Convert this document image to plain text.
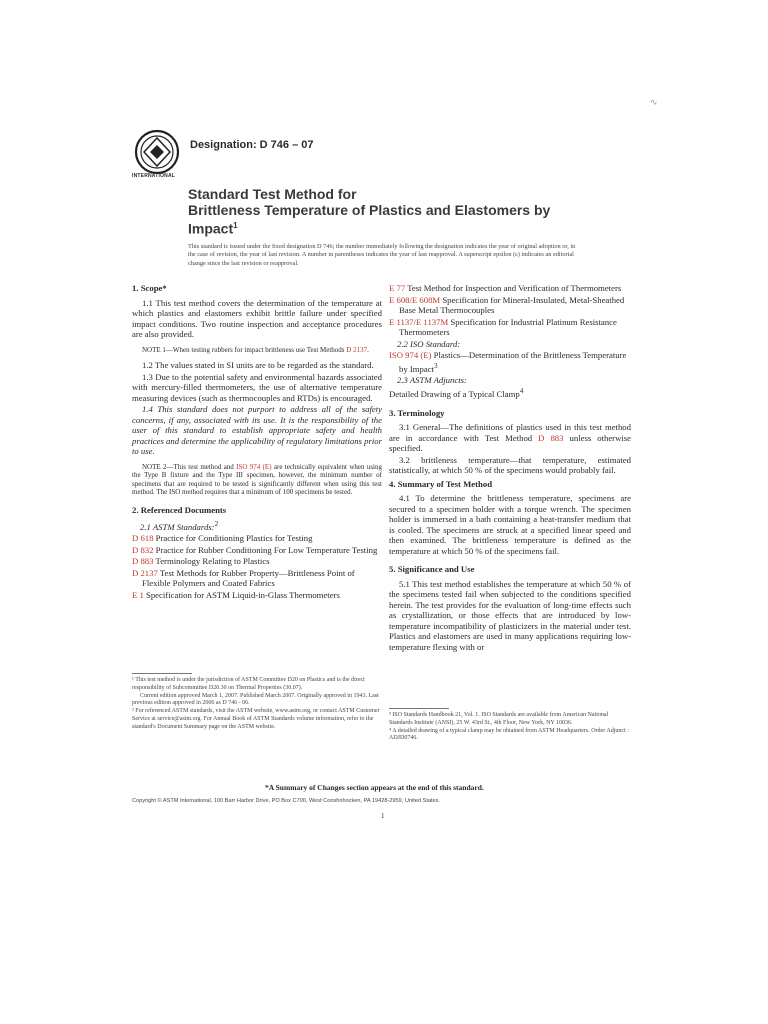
∿
Designation: D 746 – 07
INTERNATIONAL
Standard Test Method for
Brittleness Temperature of Plastics and Elastomers by
Impact$^1$
This standard is issued under the fixed designation D 746; the number immediately following the designation indicates the year of original adoption or, in the case of revision, the year of last revision. A number in parentheses indicates the year of last reapproval. A superscript epsilon (ε) indicates an editorial change since the last revision or reapproval.
1. Scope*
1.1 This test method covers the determination of the temperature at which plastics and elastomers exhibit brittle failure under specified impact conditions. Two routine inspection and acceptance procedures are also provided.
NOTE 1—When testing rubbers for impact brittleness use Test Methods D 2137.
1.2 The values stated in SI units are to be regarded as the standard.
1.3 Due to the potential safety and environmental hazards associated with mercury-filled thermometers, the use of alternative temperature measuring devices (such as thermocouples and RTDs) is encouraged.
1.4 This standard does not purport to address all of the safety concerns, if any, associated with its use. It is the responsibility of the user of this standard to establish appropriate safety and health practices and determine the applicability of regulatory limitations prior to use.
NOTE 2—This test method and ISO 974 (E) are technically equivalent when using the Type B fixture and the Type III specimen, however, the minimum number of specimens that are required to be tested is significantly different when using this test method. The ISO method requires that a minimum of 100 specimens be tested.
2. Referenced Documents
2.1 ASTM Standards:$^2$
D 618 Practice for Conditioning Plastics for Testing
D 832 Practice for Rubber Conditioning For Low Temperature Testing
D 883 Terminology Relating to Plastics
D 2137 Test Methods for Rubber Property—Brittleness Point of Flexible Polymers and Coated Fabrics
E 1 Specification for ASTM Liquid-in-Glass Thermometers
E 77 Test Method for Inspection and Verification of Thermometers
E 608/E 608M Specification for Mineral-Insulated, Metal-Sheathed Base Metal Thermocouples
E 1137/E 1137M Specification for Industrial Platinum Resistance Thermometers
2.2 ISO Standard:
ISO 974 (E) Plastics—Determination of the Brittleness Temperature by Impact$^3$
2.3 ASTM Adjuncts:
Detailed Drawing of a Typical Clamp$^4$
3. Terminology
3.1 General—The definitions of plastics used in this test method are in accordance with Test Method D 883 unless otherwise specified.
3.2 brittleness temperature—that temperature, estimated statistically, at which 50 % of the specimens would probably fail.
4. Summary of Test Method
4.1 To determine the brittleness temperature, specimens are secured to a specimen holder with a torque wrench. The specimen holder is immersed in a bath containing a heat-transfer medium that is cooled. The specimens are struck at a specified linear speed and then examined. The brittleness temperature is defined as the temperature at which 50 % of the specimens fail.
5. Significance and Use
5.1 This test method establishes the temperature at which 50 % of the specimens tested fail when subjected to the conditions specified herein. The test provides for the evaluation of long-time effects such as crystallization, or those effects that are introduced by low-temperature incompatibility of plasticizers in the material under test. Plastics and elastomers are used in many applications requiring low-temperature flexing with or
¹ This test method is under the jurisdiction of ASTM Committee D20 on Plastics and is the direct responsibility of Subcommittee D20.30 on Thermal Properties (30.07).
Current edition approved March 1, 2007. Published March 2007. Originally approved in 1943. Last previous edition approved in 2006 as D 746 - 06.
² For referenced ASTM standards, visit the ASTM website, www.astm.org, or contact ASTM Customer Service at service@astm.org. For Annual Book of ASTM Standards volume information, refer to the standard's Document Summary page on the ASTM website.
³ ISO Standards Handbook 21, Vol. 1. ISO Standards are available from American National Standards Institute (ANSI), 25 W. 43rd St., 4th Floor, New York, NY 10036.
⁴ A detailed drawing of a typical clamp may be obtained from ASTM Headquarters. Order Adjunct : ADJD0746.
*A Summary of Changes section appears at the end of this standard.
Copyright © ASTM International, 100 Barr Harbor Drive, PO Box C700, West Conshohocken, PA 19428-2959, United States.
1
